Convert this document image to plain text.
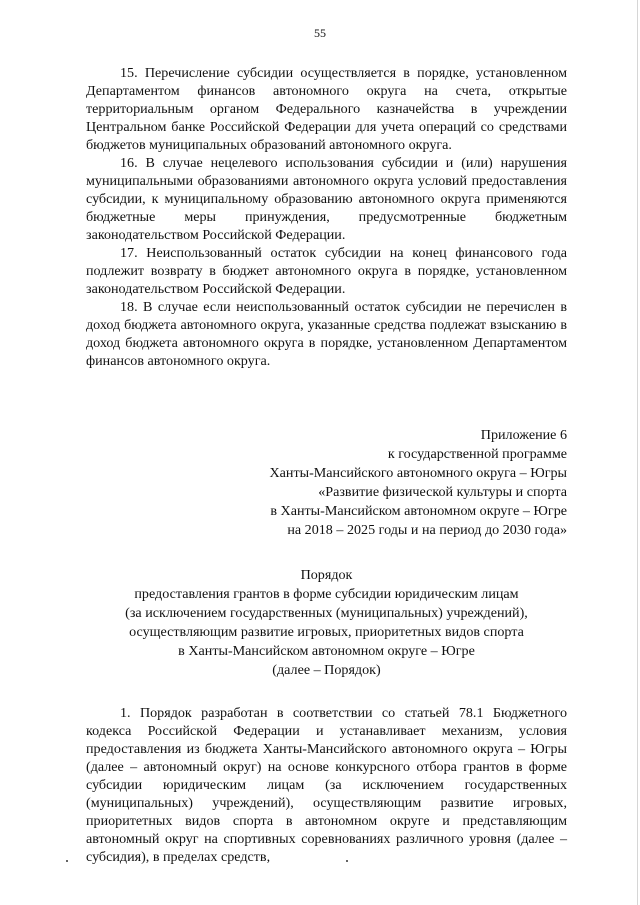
55

15. Перечисление субсидии осуществляется в порядке, установленном Департаментом финансов автономного округа на счета, открытые территориальным органом Федерального казначейства в учреждении Центральном банке Российской Федерации для учета операций со средствами бюджетов муниципальных образований автономного округа.

16. В случае нецелевого использования субсидии и (или) нарушения муниципальными образованиями автономного округа условий предоставления субсидии, к муниципальному образованию автономного округа применяются бюджетные меры принуждения, предусмотренные бюджетным законодательством Российской Федерации.

17. Неиспользованный остаток субсидии на конец финансового года подлежит возврату в бюджет автономного округа в порядке, установленном законодательством Российской Федерации.

18. В случае если неиспользованный остаток субсидии не перечислен в доход бюджета автономного округа, указанные средства подлежат взысканию в доход бюджета автономного округа в порядке, установленном Департаментом финансов автономного округа.

Приложение 6
к государственной программе
Ханты-Мансийского автономного округа – Югры
«Развитие физической культуры и спорта
в Ханты-Мансийском автономном округе – Югре
на 2018 – 2025 годы и на период до 2030 года»
Порядок
предоставления грантов в форме субсидии юридическим лицам
(за исключением государственных (муниципальных) учреждений),
осуществляющим развитие игровых, приоритетных видов спорта
в Ханты-Мансийском автономном округе – Югре
(далее – Порядок)

1. Порядок разработан в соответствии со статьей 78.1 Бюджетного кодекса Российской Федерации и устанавливает механизм, условия предоставления из бюджета Ханты-Мансийского автономного округа – Югры (далее – автономный округ) на основе конкурсного отбора грантов в форме субсидии юридическим лицам (за исключением государственных (муниципальных) учреждений), осуществляющим развитие игровых, приоритетных видов спорта в автономном округе и представляющим автономный округ на спортивных соревнованиях различного уровня (далее – субсидия), в пределах средств,
